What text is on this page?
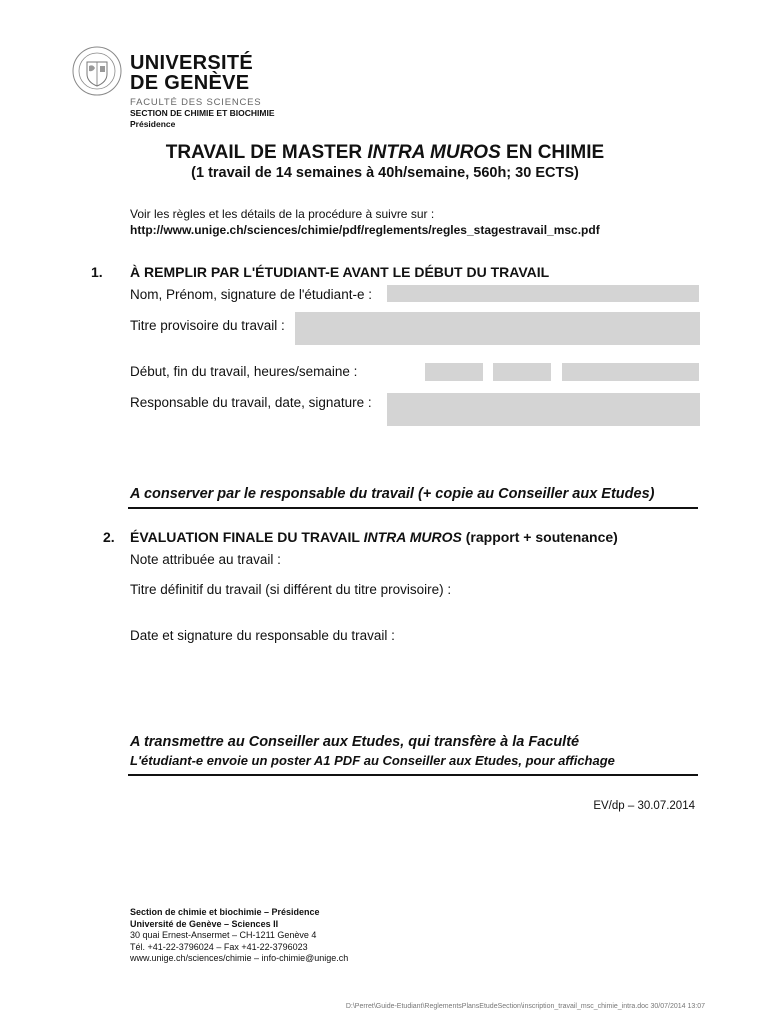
UNIVERSITÉ
DE GENÈVE
FACULTÉ DES SCIENCES
SECTION DE CHIMIE ET BIOCHIMIE
Présidence
TRAVAIL DE MASTER INTRA MUROS EN CHIMIE
(1 travail de 14 semaines à 40h/semaine, 560h; 30 ECTS)
Voir les règles et les détails de la procédure à suivre sur :
http://www.unige.ch/sciences/chimie/pdf/reglements/regles_stagestravail_msc.pdf
1. À REMPLIR PAR L'ÉTUDIANT-E AVANT LE DÉBUT DU TRAVAIL
Nom, Prénom, signature de l'étudiant-e :
Titre provisoire du travail :
Début, fin du travail, heures/semaine :
Responsable du travail, date, signature :
A conserver par le responsable du travail (+ copie au Conseiller aux Etudes)
2. ÉVALUATION FINALE DU TRAVAIL INTRA MUROS (rapport + soutenance)
Note attribuée au travail :
Titre définitif du travail (si différent du titre provisoire) :
Date et signature du responsable du travail :
A transmettre au Conseiller aux Etudes, qui transfère à la Faculté
L'étudiant-e envoie un poster A1 PDF au Conseiller aux Etudes, pour affichage
EV/dp – 30.07.2014
Section de chimie et biochimie – Présidence
Université de Genève – Sciences II
30 quai Ernest-Ansermet – CH-1211 Genève 4
Tél. +41-22-3796024 – Fax +41-22-3796023
www.unige.ch/sciences/chimie – info-chimie@unige.ch
D:\Perret\Guide-Etudiant\ReglementsPlansEtudeSection\inscription_travail_msc_chimie_intra.doc 30/07/2014 13:07
